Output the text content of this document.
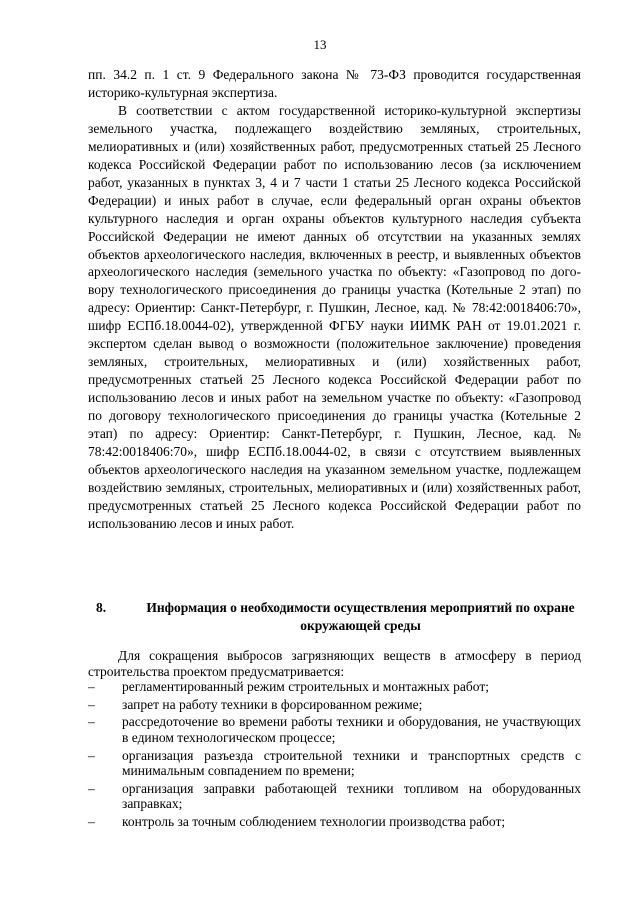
13

пп. 34.2 п. 1 ст. 9 Федерального закона № 73-ФЗ проводится государственная историко-культурная экспертиза.

В соответствии с актом государственной историко-культурной экспертизы земельного участка, подлежащего воздействию земляных, строительных, мелиоративных и (или) хозяйственных работ, предусмотренных статьей 25 Лесного кодекса Российской Федерации работ по использованию лесов (за исключением работ, указанных в пунктах 3, 4 и 7 части 1 статьи 25 Лесного кодекса Российской Федерации) и иных работ в случае, если федеральный орган охраны объектов культурного наследия и орган охраны объектов культурного наследия субъекта Российской Федерации не имеют данных об отсутствии на указанных землях объектов археологического наследия, включенных в реестр, и выявленных объектов археологического наследия (земельного участка по объекту: «Газопровод по договору технологического присоединения до границы участка (Котельные 2 этап) по адресу: Ориентир: Санкт-Петербург, г. Пушкин, Лесное, кад. № 78:42:0018406:70», шифр ЕСПб.18.0044-02), утвержденной ФГБУ науки ИИМК РАН от 19.01.2021 г. экспертом сделан вывод о возможности (положительное заключение) проведения земляных, строительных, мелиоративных и (или) хозяйственных работ, предусмотренных статьей 25 Лесного кодекса Российской Федерации работ по использованию лесов и иных работ на земельном участке по объекту: «Газопровод по договору технологического присоединения до границы участка (Котельные 2 этап) по адресу: Ориентир: Санкт-Петербург, г. Пушкин, Лесное, кад. № 78:42:0018406:70», шифр ЕСПб.18.0044-02, в связи с отсутствием выявленных объектов археологического наследия на указанном земельном участке, подлежащем воздействию земляных, строительных, мелиоративных и (или) хозяйственных работ, предусмотренных статьей 25 Лесного кодекса Российской Федерации работ по использованию лесов и иных работ.

8.	Информация о необходимости осуществления мероприятий по охране окружающей среды

Для сокращения выбросов загрязняющих веществ в атмосферу в период строительства проектом предусматривается:

– регламентированный режим строительных и монтажных работ;
– запрет на работу техники в форсированном режиме;
– рассредоточение во времени работы техники и оборудования, не участвующих в едином технологическом процессе;
– организация разъезда строительной техники и транспортных средств с минимальным совпадением по времени;
– организация заправки работающей техники топливом на оборудованных заправках;
– контроль за точным соблюдением технологии производства работ;
